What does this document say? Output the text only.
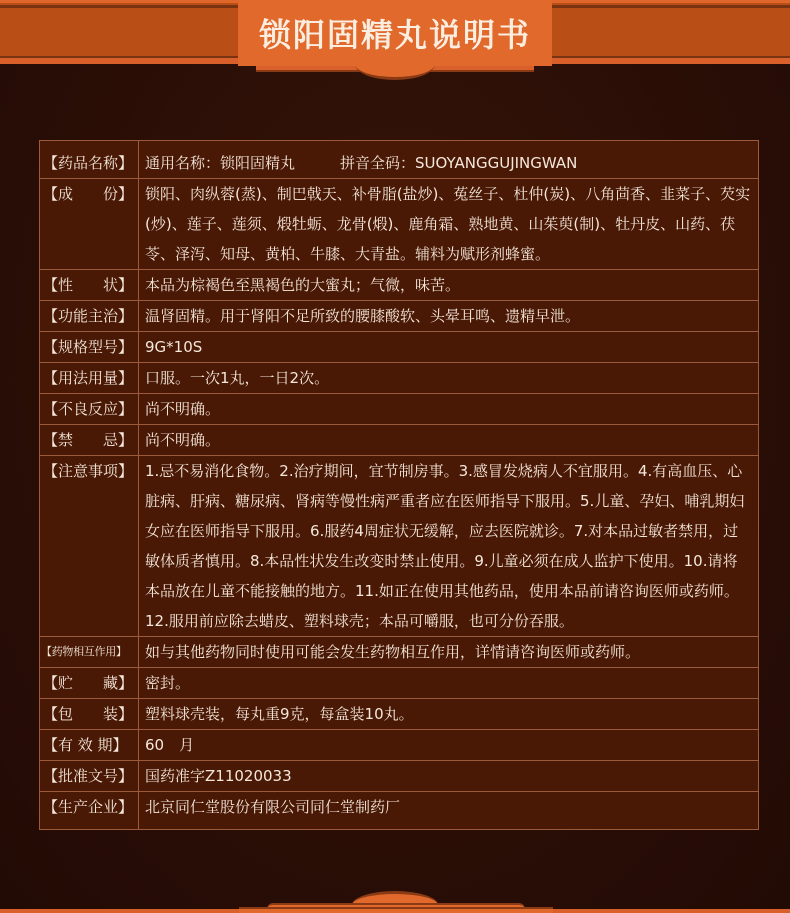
锁阳固精丸说明书
【药品名称】	通用名称：锁阳固精丸　　　拼音全码：SUOYANGGUJINGWAN
【成　　份】	锁阳、肉纵蓉(蒸)、制巴戟天、补骨脂(盐炒)、菟丝子、杜仲(炭)、八角茴香、韭菜子、芡实(炒)、莲子、莲须、煅牡蛎、龙骨(煅)、鹿角霜、熟地黄、山茱萸(制)、牡丹皮、山药、茯苓、泽泻、知母、黄柏、牛膝、大青盐。辅料为赋形剂蜂蜜。
【性　　状】	本品为棕褐色至黑褐色的大蜜丸；气微，味苦。
【功能主治】	温肾固精。用于肾阳不足所致的腰膝酸软、头晕耳鸣、遗精早泄。
【规格型号】	9G*10S
【用法用量】	口服。一次1丸，一日2次。
【不良反应】	尚不明确。
【禁　　忌】	尚不明确。
【注意事项】	1.忌不易消化食物。2.治疗期间，宜节制房事。3.感冒发烧病人不宜服用。4.有高血压、心脏病、肝病、糖尿病、肾病等慢性病严重者应在医师指导下服用。5.儿童、孕妇、哺乳期妇女应在医师指导下服用。6.服药4周症状无缓解，应去医院就诊。7.对本品过敏者禁用，过敏体质者慎用。8.本品性状发生改变时禁止使用。9.儿童必须在成人监护下使用。10.请将本品放在儿童不能接触的地方。11.如正在使用其他药品，使用本品前请咨询医师或药师。12.服用前应除去蜡皮、塑料球壳；本品可嚼服，也可分份吞服。
【药物相互作用】	如与其他药物同时使用可能会发生药物相互作用，详情请咨询医师或药师。
【贮　　藏】	密封。
【包　　装】	塑料球壳装，每丸重9克，每盒装10丸。
【有 效 期】	60　月
【批准文号】	国药准字Z11020033
【生产企业】	北京同仁堂股份有限公司同仁堂制药厂
